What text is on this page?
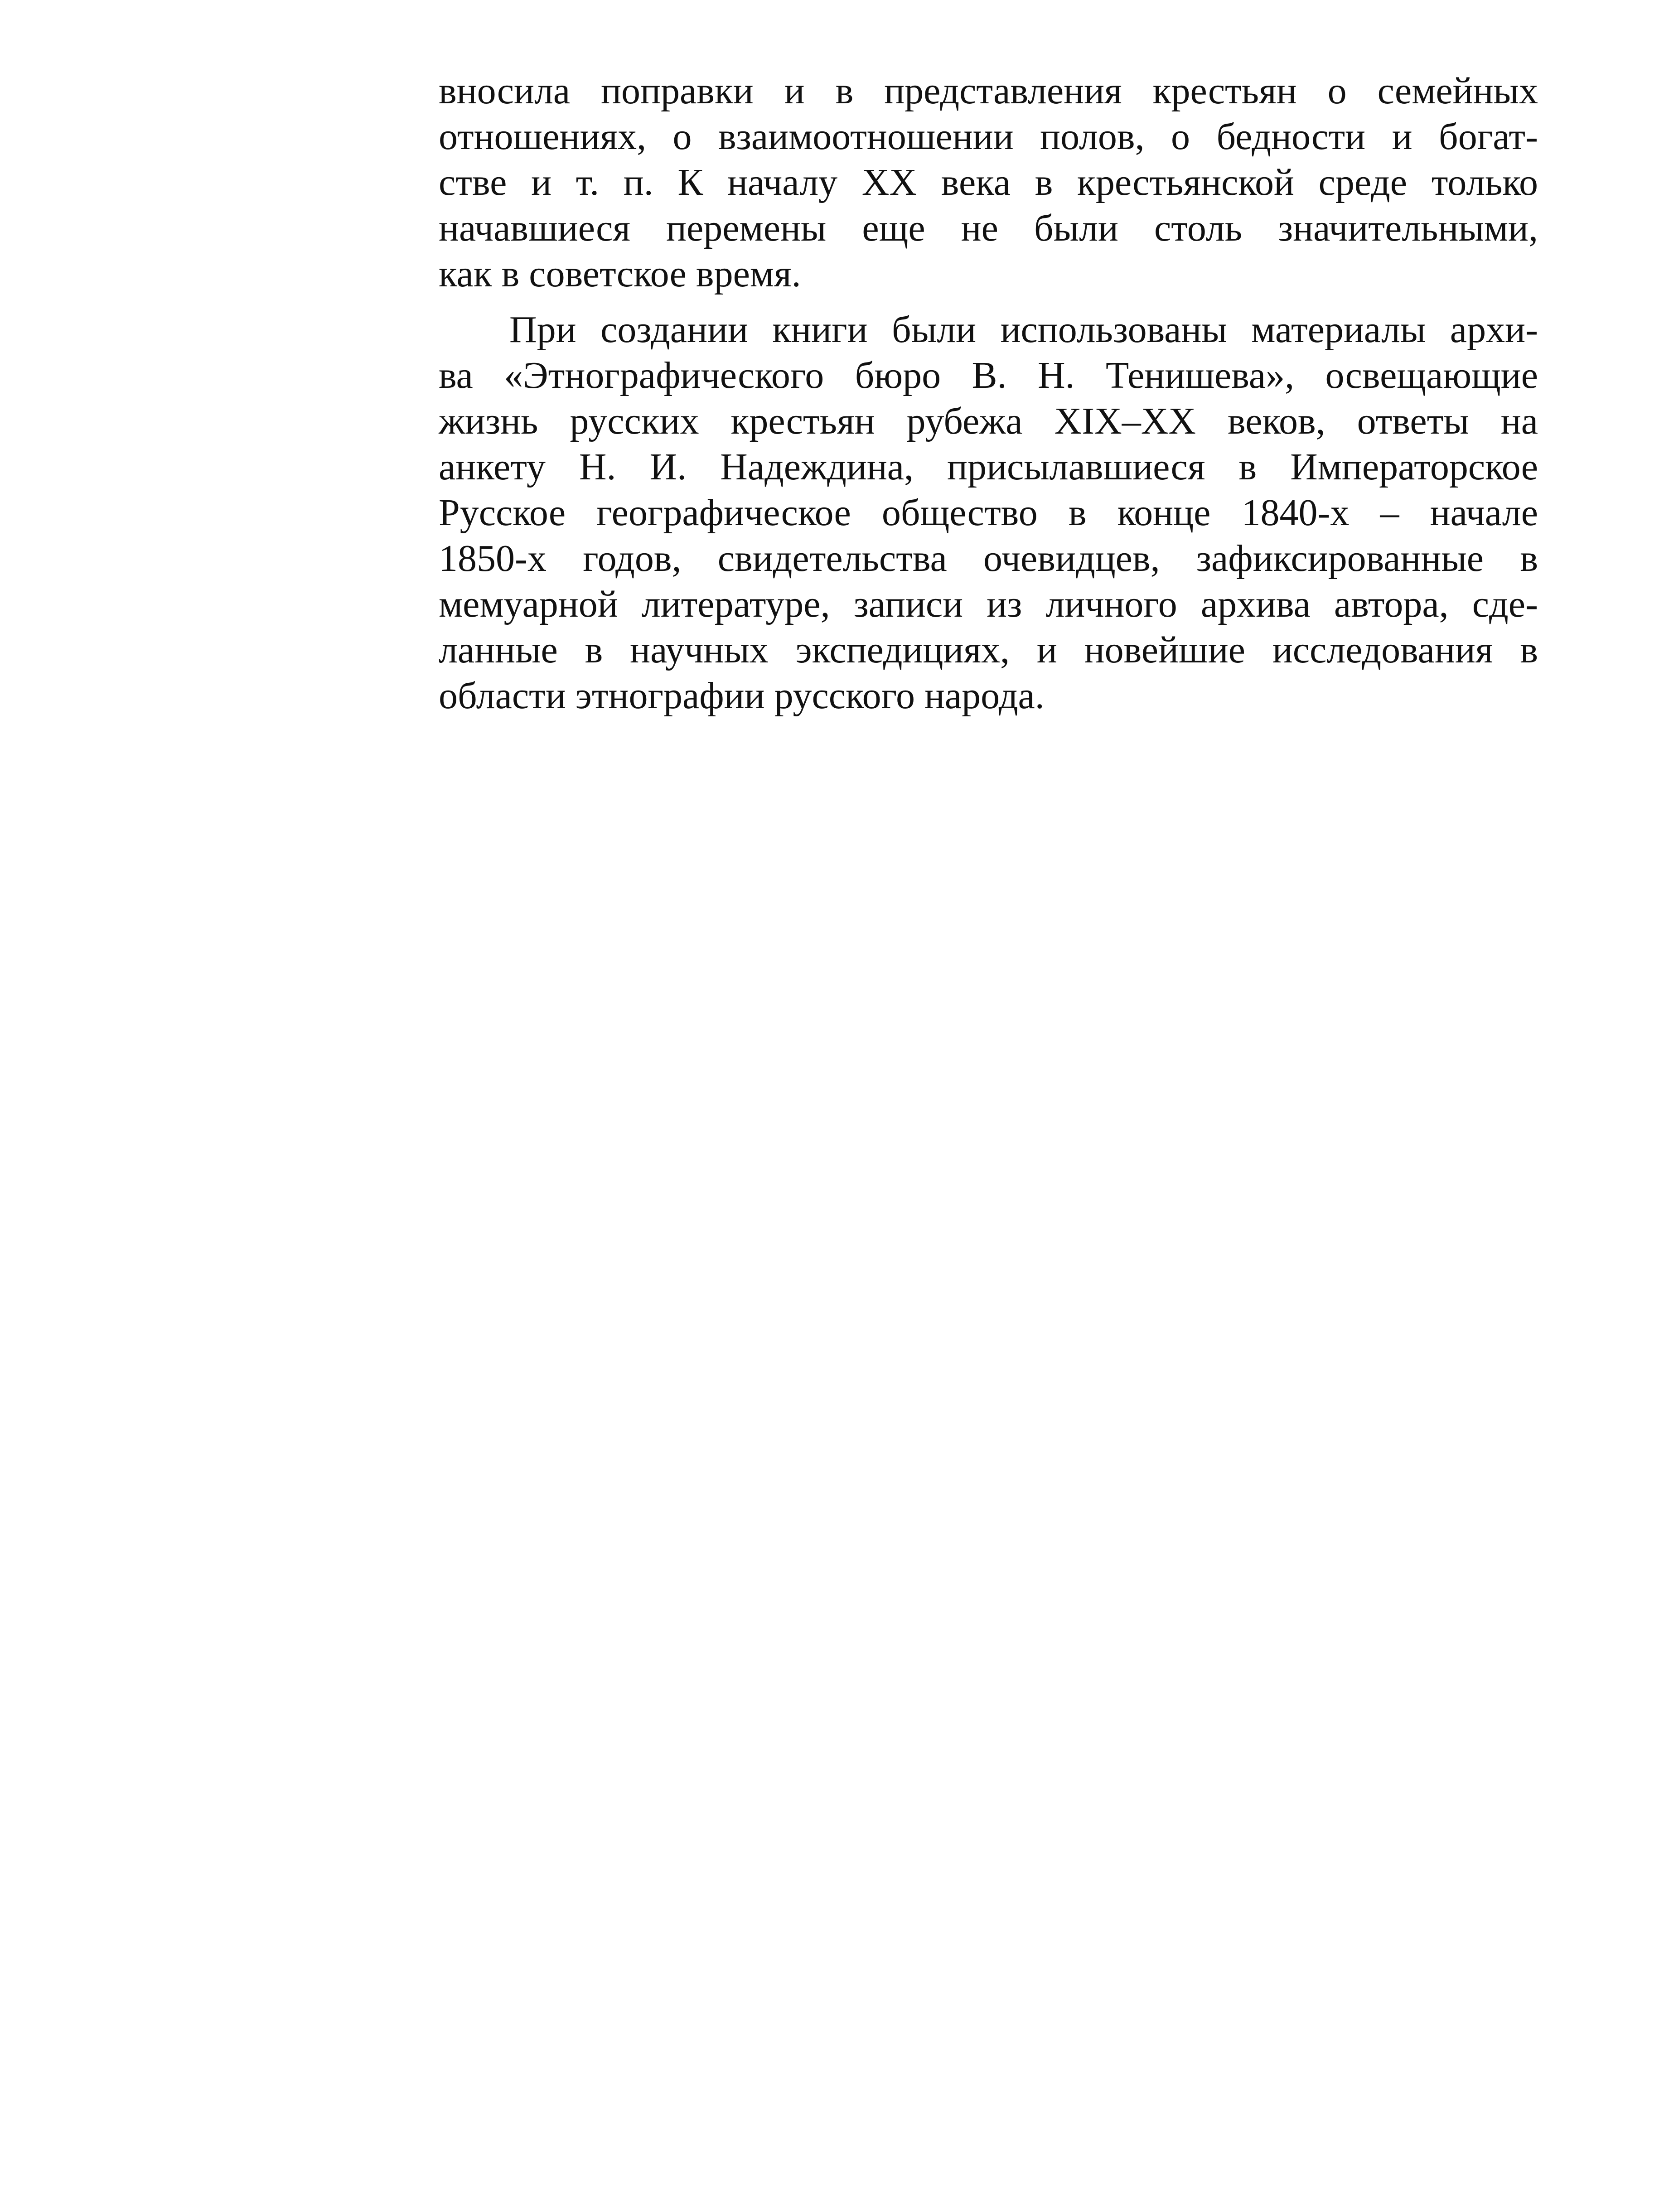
вносила поправки и в представления крестьян о семейных
отношениях, о взаимоотношении полов, о бедности и богат-
стве и т. п. К началу XX века в крестьянской среде только
начавшиеся перемены еще не были столь значительными,
как в советское время.
При создании книги были использованы материалы архи-
ва «Этнографического бюро В. Н. Тенишева», освещающие
жизнь русских крестьян рубежа XIX–XX веков, ответы на
анкету Н. И. Надеждина, присылавшиеся в Императорское
Русское географическое общество в конце 1840-х – начале
1850-х годов, свидетельства очевидцев, зафиксированные в
мемуарной литературе, записи из личного архива автора, сде-
ланные в научных экспедициях, и новейшие исследования в
области этнографии русского народа.
